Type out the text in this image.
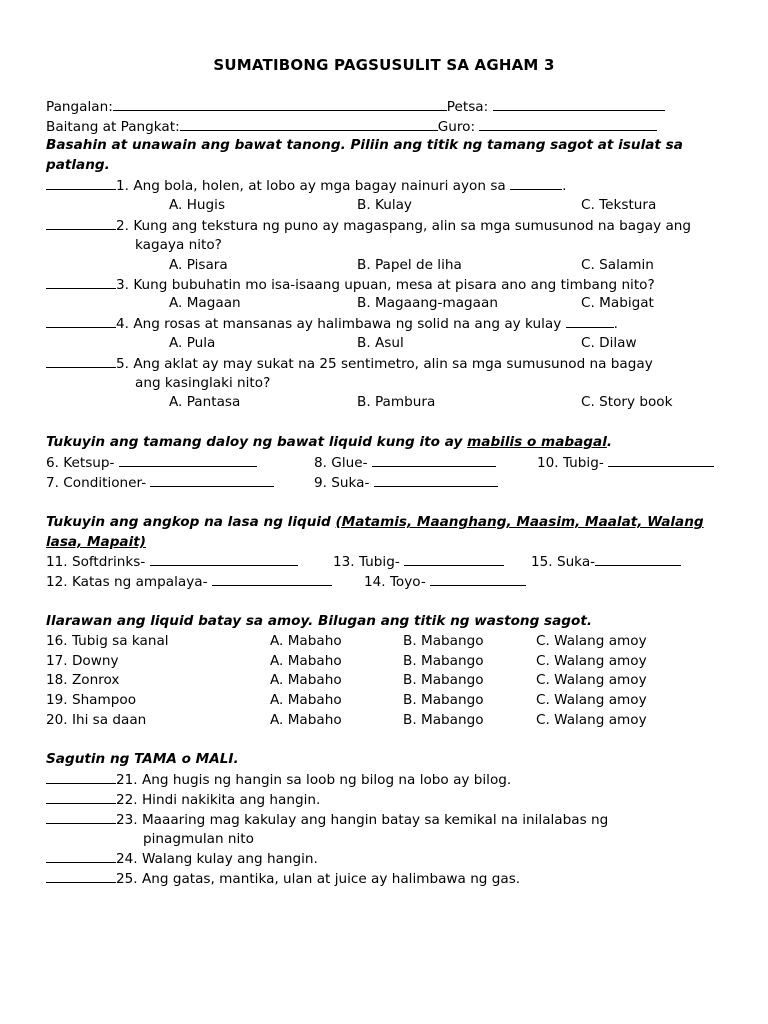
SUMATIBONG PAGSUSULIT SA AGHAM 3
Pangalan:	Petsa:
Baitang at Pangkat:	Guro:
Basahin at unawain ang bawat tanong. Piliin ang titik ng tamang sagot at isulat sa
patlang.
1. Ang bola, holen, at lobo ay mga bagay nainuri ayon sa	.
A. Hugis	B. Kulay	C. Tekstura
2. Kung ang tekstura ng puno ay magaspang, alin sa mga sumusunod na bagay ang
kagaya nito?
A. Pisara	B. Papel de liha	C. Salamin
3. Kung bubuhatin mo isa-isaang upuan, mesa at pisara ano ang timbang nito?
A. Magaan	B. Magaang-magaan	C. Mabigat
4. Ang rosas at mansanas ay halimbawa ng solid na ang ay kulay	.
A. Pula	B. Asul	C. Dilaw
5. Ang aklat ay may sukat na 25 sentimetro, alin sa mga sumusunod na bagay
ang kasinglaki nito?
A. Pantasa	B. Pambura	C. Story book
Tukuyin ang tamang daloy ng bawat liquid kung ito ay mabilis o mabagal.
6. Ketsup-	8. Glue-	10. Tubig-
7. Conditioner-	9. Suka-
Tukuyin ang angkop na lasa ng liquid (Matamis, Maanghang, Maasim, Maalat, Walang
lasa, Mapait)
11. Softdrinks-	13. Tubig-	15. Suka-
12. Katas ng ampalaya-	14. Toyo-
Ilarawan ang liquid batay sa amoy. Bilugan ang titik ng wastong sagot.
16. Tubig sa kanal	A. Mabaho	B. Mabango	C. Walang amoy
17. Downy	A. Mabaho	B. Mabango	C. Walang amoy
18. Zonrox	A. Mabaho	B. Mabango	C. Walang amoy
19. Shampoo	A. Mabaho	B. Mabango	C. Walang amoy
20. Ihi sa daan	A. Mabaho	B. Mabango	C. Walang amoy
Sagutin ng TAMA o MALI.
21. Ang hugis ng hangin sa loob ng bilog na lobo ay bilog.
22. Hindi nakikita ang hangin.
23. Maaaring mag kakulay ang hangin batay sa kemikal na inilalabas ng
pinagmulan nito
24. Walang kulay ang hangin.
25. Ang gatas, mantika, ulan at juice ay halimbawa ng gas.
